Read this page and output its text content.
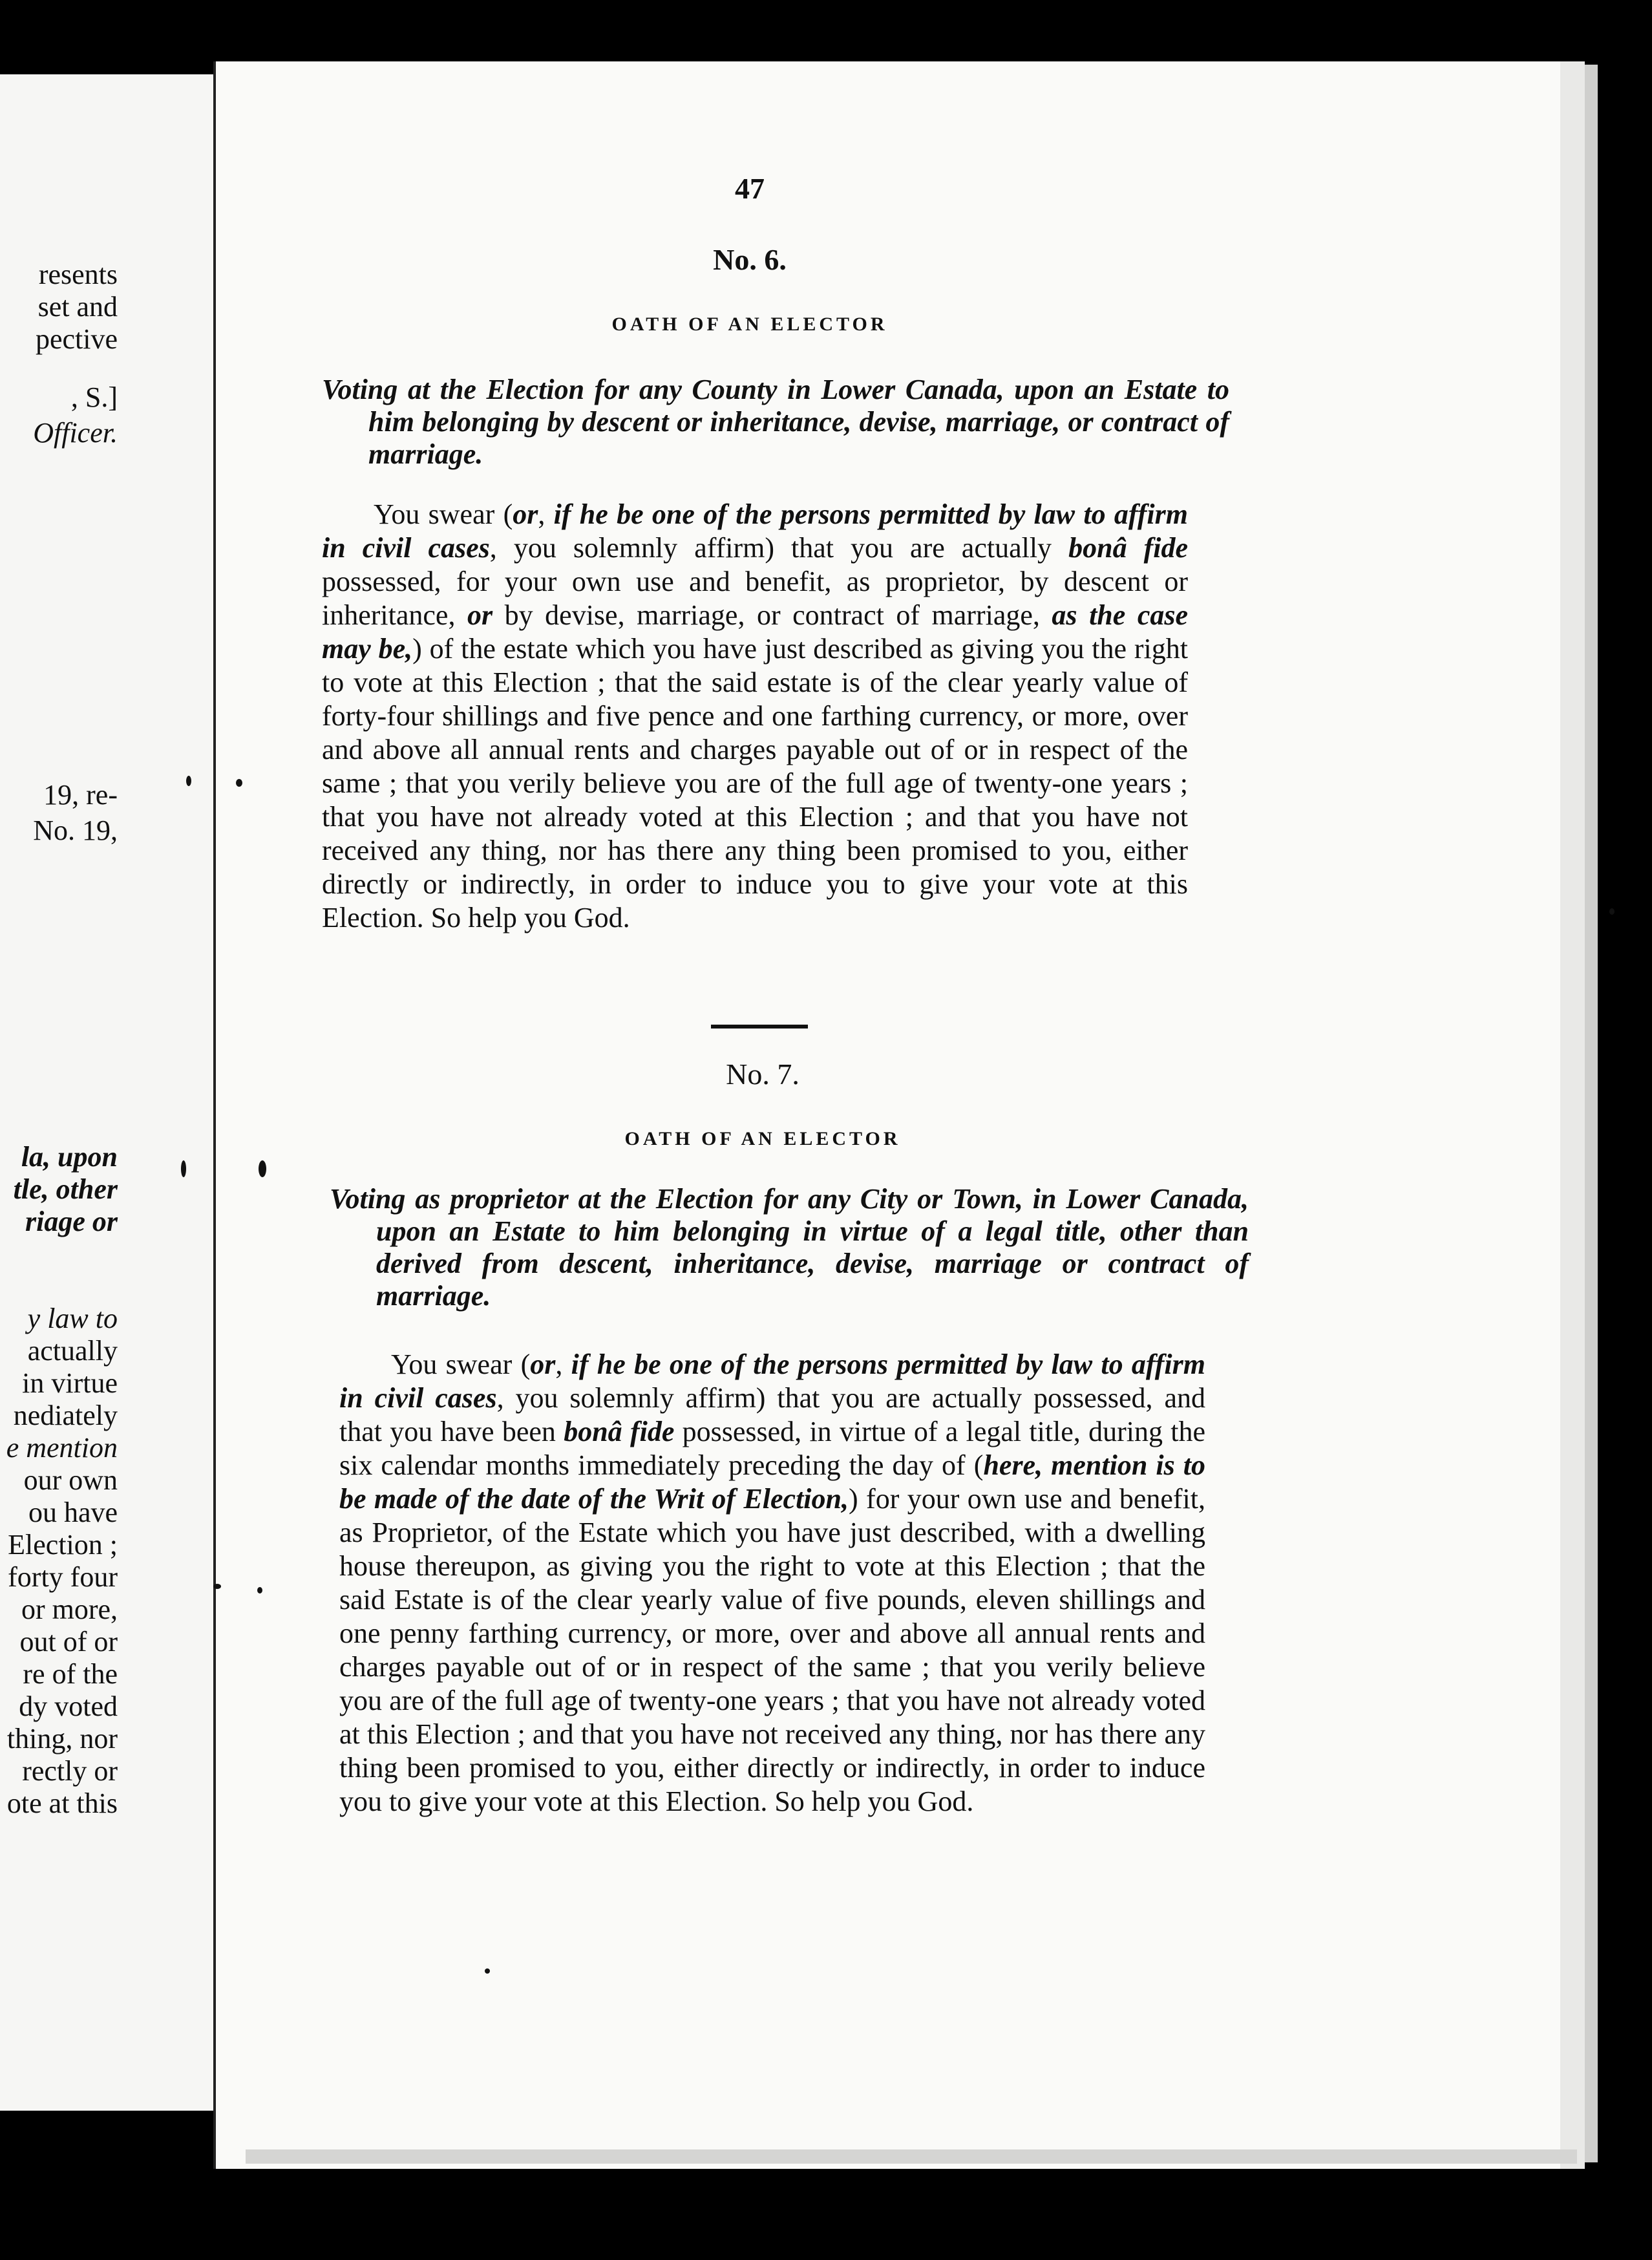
resents
set and
pective
, S.]
Officer.
19, re-
No. 19,
la, upon
tle, other
riage or
y law to
actually
in virtue
nediately
e mention
our own
ou have
Election ;
forty four
or more,
out of or
re of the
dy voted
thing, nor
rectly or
ote at this
47
No. 6.
OATH OF AN ELECTOR
Voting at the Election for any County in Lower Canada, upon an Estate to him belonging by descent or inheritance, devise, marriage, or contract of marriage.
You swear (or, if he be one of the persons permitted by law to affirm in civil cases, you solemnly affirm) that you are actually bonâ fide possessed, for your own use and benefit, as proprietor, by descent or inheritance, or by devise, marriage, or contract of marriage, as the case may be,) of the estate which you have just described as giving you the right to vote at this Election ; that the said estate is of the clear yearly value of forty-four shillings and five pence and one farthing currency, or more, over and above all annual rents and charges payable out of or in respect of the same ; that you verily believe you are of the full age of twenty-one years ; that you have not already voted at this Election ; and that you have not received any thing, nor has there any thing been promised to you, either directly or indirectly, in order to induce you to give your vote at this Election. So help you God.
No. 7.
OATH OF AN ELECTOR
Voting as proprietor at the Election for any City or Town, in Lower Canada, upon an Estate to him belonging in virtue of a legal title, other than derived from descent, inheritance, devise, marriage or contract of marriage.
You swear (or, if he be one of the persons permitted by law to affirm in civil cases, you solemnly affirm) that you are actually possessed, and that you have been bonâ fide possessed, in virtue of a legal title, during the six calendar months immediately preceding the day of (here, mention is to be made of the date of the Writ of Election,) for your own use and benefit, as Proprietor, of the Estate which you have just described, with a dwelling house thereupon, as giving you the right to vote at this Election ; that the said Estate is of the clear yearly value of five pounds, eleven shillings and one penny farthing currency, or more, over and above all annual rents and charges payable out of or in respect of the same ; that you verily believe you are of the full age of twenty-one years ; that you have not already voted at this Election ; and that you have not received any thing, nor has there any thing been promised to you, either directly or indirectly, in order to induce you to give your vote at this Election. So help you God.
